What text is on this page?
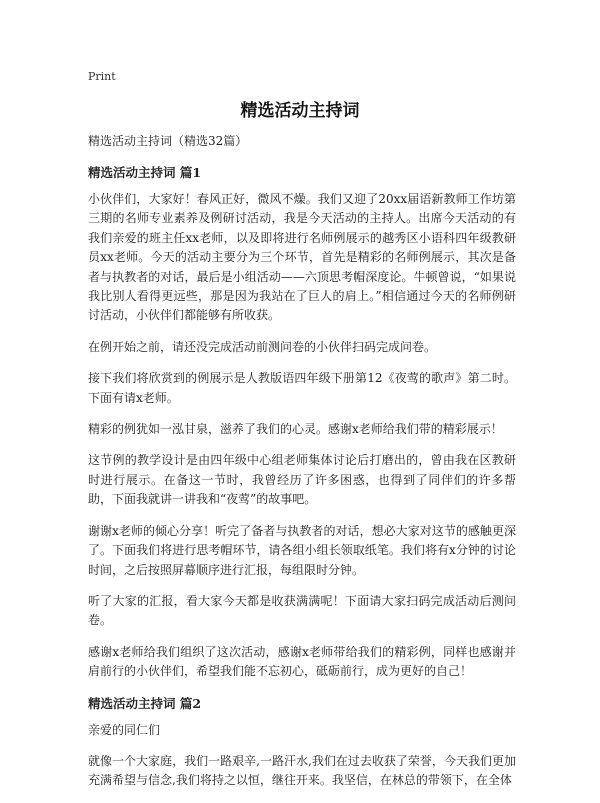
Print
精选活动主持词

精选活动主持词（精选32篇）

精选活动主持词 篇1

小伙伴们，大家好！春风正好，微风不燥。我们又迎了20xx届语新教师工作坊第三期的名师专业素养及例研讨活动，我是今天活动的主持人。出席今天活动的有我们亲爱的班主任xx老师，以及即将进行名师例展示的越秀区小语科四年级教研员xx老师。今天的活动主要分为三个环节，首先是精彩的名师例展示，其次是备者与执教者的对话，最后是小组活动——六顶思考帽深度论。牛顿曾说，“如果说我比别人看得更远些，那是因为我站在了巨人的肩上。”相信通过今天的名师例研讨活动，小伙伴们都能够有所收获。

在例开始之前，请还没完成活动前测问卷的小伙伴扫码完成问卷。

接下我们将欣赏到的例展示是人教版语四年级下册第12《夜莺的歌声》第二时。下面有请x老师。

精彩的例犹如一泓甘泉，滋养了我们的心灵。感谢x老师给我们带的精彩展示！

这节例的教学设计是由四年级中心组老师集体讨论后打磨出的，曾由我在区教研时进行展示。在备这一节时，我曾经历了许多困惑，也得到了同伴们的许多帮助，下面我就讲一讲我和“夜莺”的故事吧。

谢谢x老师的倾心分享！听完了备者与执教者的对话，想必大家对这节的感触更深了。下面我们将进行思考帽环节，请各组小组长领取纸笔。我们将有x分钟的讨论时间，之后按照屏幕顺序进行汇报，每组限时分钟。

听了大家的汇报，看大家今天都是收获满满呢！下面请大家扫码完成活动后测问卷。

感谢x老师给我们组织了这次活动，感谢x老师带给我们的精彩例，同样也感谢并肩前行的小伙伴们，希望我们能不忘初心，砥砺前行，成为更好的自己！

精选活动主持词 篇2

亲爱的同仁们

就像一个大家庭，我们一路艰辛,一路汗水,我们在过去收获了荣誉，今天我们更加充满希望与信念,我们将持之以恒，继往开来。我坚信，在林总的带领下，在全体
